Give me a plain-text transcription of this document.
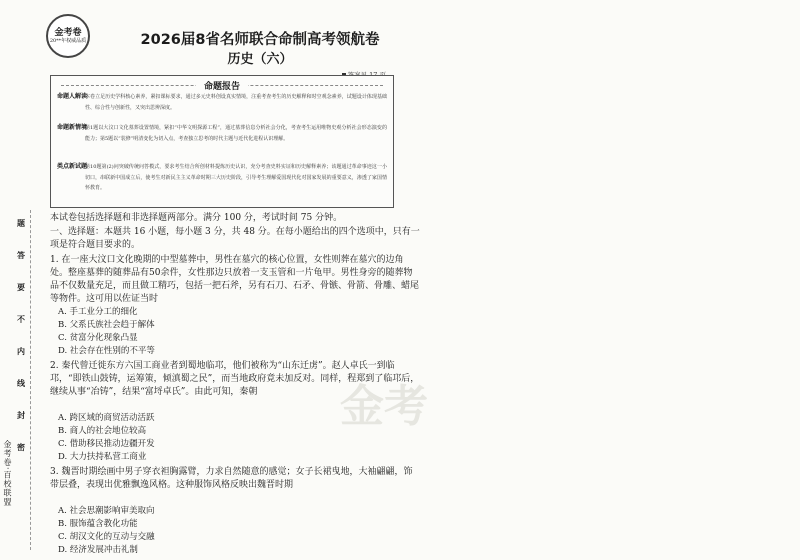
金考卷
20**年权威品质	2026届8省名师联合命制高考领航卷
历史（六）
命题报告
命题人解读
本卷立足历史学科核心素养，紧扣课标要求，通过多元史料创设真实情境，注重考查考生的历史解释和时空观念素养，试题设计体现基础性、综合性与创新性，又突出思辨深度。
命题新情境
第1题以大汶口文化墓葬设置情境，紧扣“中华文明探源工程”，通过墓葬信息分析社会分化，考查考生运用唯物史观分析社会形态演变的能力；第5题以“装修”明清变化为切入点，考查独立思考的时代主题与近代化进程认识理解。
类点新试题
第10题第(2)问突破传统问答模式，要求考生结合所创材料提炼历史认识，充分考查史料实证和历史解释素养；该题通过革命事迹这一小切口，串联新中国成立后，使考生对新民主主义革命时期三大历史阶段，引导考生理解爱国现代化对国家发展的重要意义，渗透了家国情怀教育。
题
答
要
不
内
线
封
密
金考卷·百校联盟
本试卷包括选择题和非选择题两部分。满分 100 分，考试时间 75 分钟。
一、选择题：本题共 16 小题，每小题 3 分，共 48 分。在每小题给出的四个选项中，只有一项是符合题目要求的。
1. 在一座大汶口文化晚期的中型墓葬中，男性在墓穴的核心位置，女性则葬在墓穴的边角处。整座墓葬的随葬品有50余件，女性那边只放着一支玉管和一片龟甲。男性身旁的随葬物品不仅数量充足，而且做工精巧，包括一把石斧，另有石刀、石矛、骨镞、骨箭、骨雕、蜡尾等物件。这可用以佐证当时
A. 手工业分工的细化
B. 父系氏族社会趋于解体
C. 贫富分化现象凸显
D. 社会存在性别的不平等
2. 秦代曾迁徙东方六国工商业者到蜀地临邛，他们被称为“山东迁虏”。赵人卓氏一到临邛，“即铁山鼓铸，运筹策，倾滇蜀之民”，而当地政府竟未加反对。同样，程郑到了临邛后，继续从事“冶铸”，结果“富埒卓氏”。由此可知，秦朝
A. 跨区域的商贸活动活跃
B. 商人的社会地位较高
C. 借助移民推动边疆开发
D. 大力扶持私营工商业
3. 魏晋时期绘画中男子穿衣袒胸露臂，力求自然随意的感觉；女子长裙曳地，大袖翩翩，饰带层叠，表现出优雅飘逸风格。这种服饰风格反映出魏晋时期
A. 社会思潮影响审美取向
B. 服饰蕴含教化功能
C. 胡汉文化的互动与交融
D. 经济发展冲击礼制
金考
